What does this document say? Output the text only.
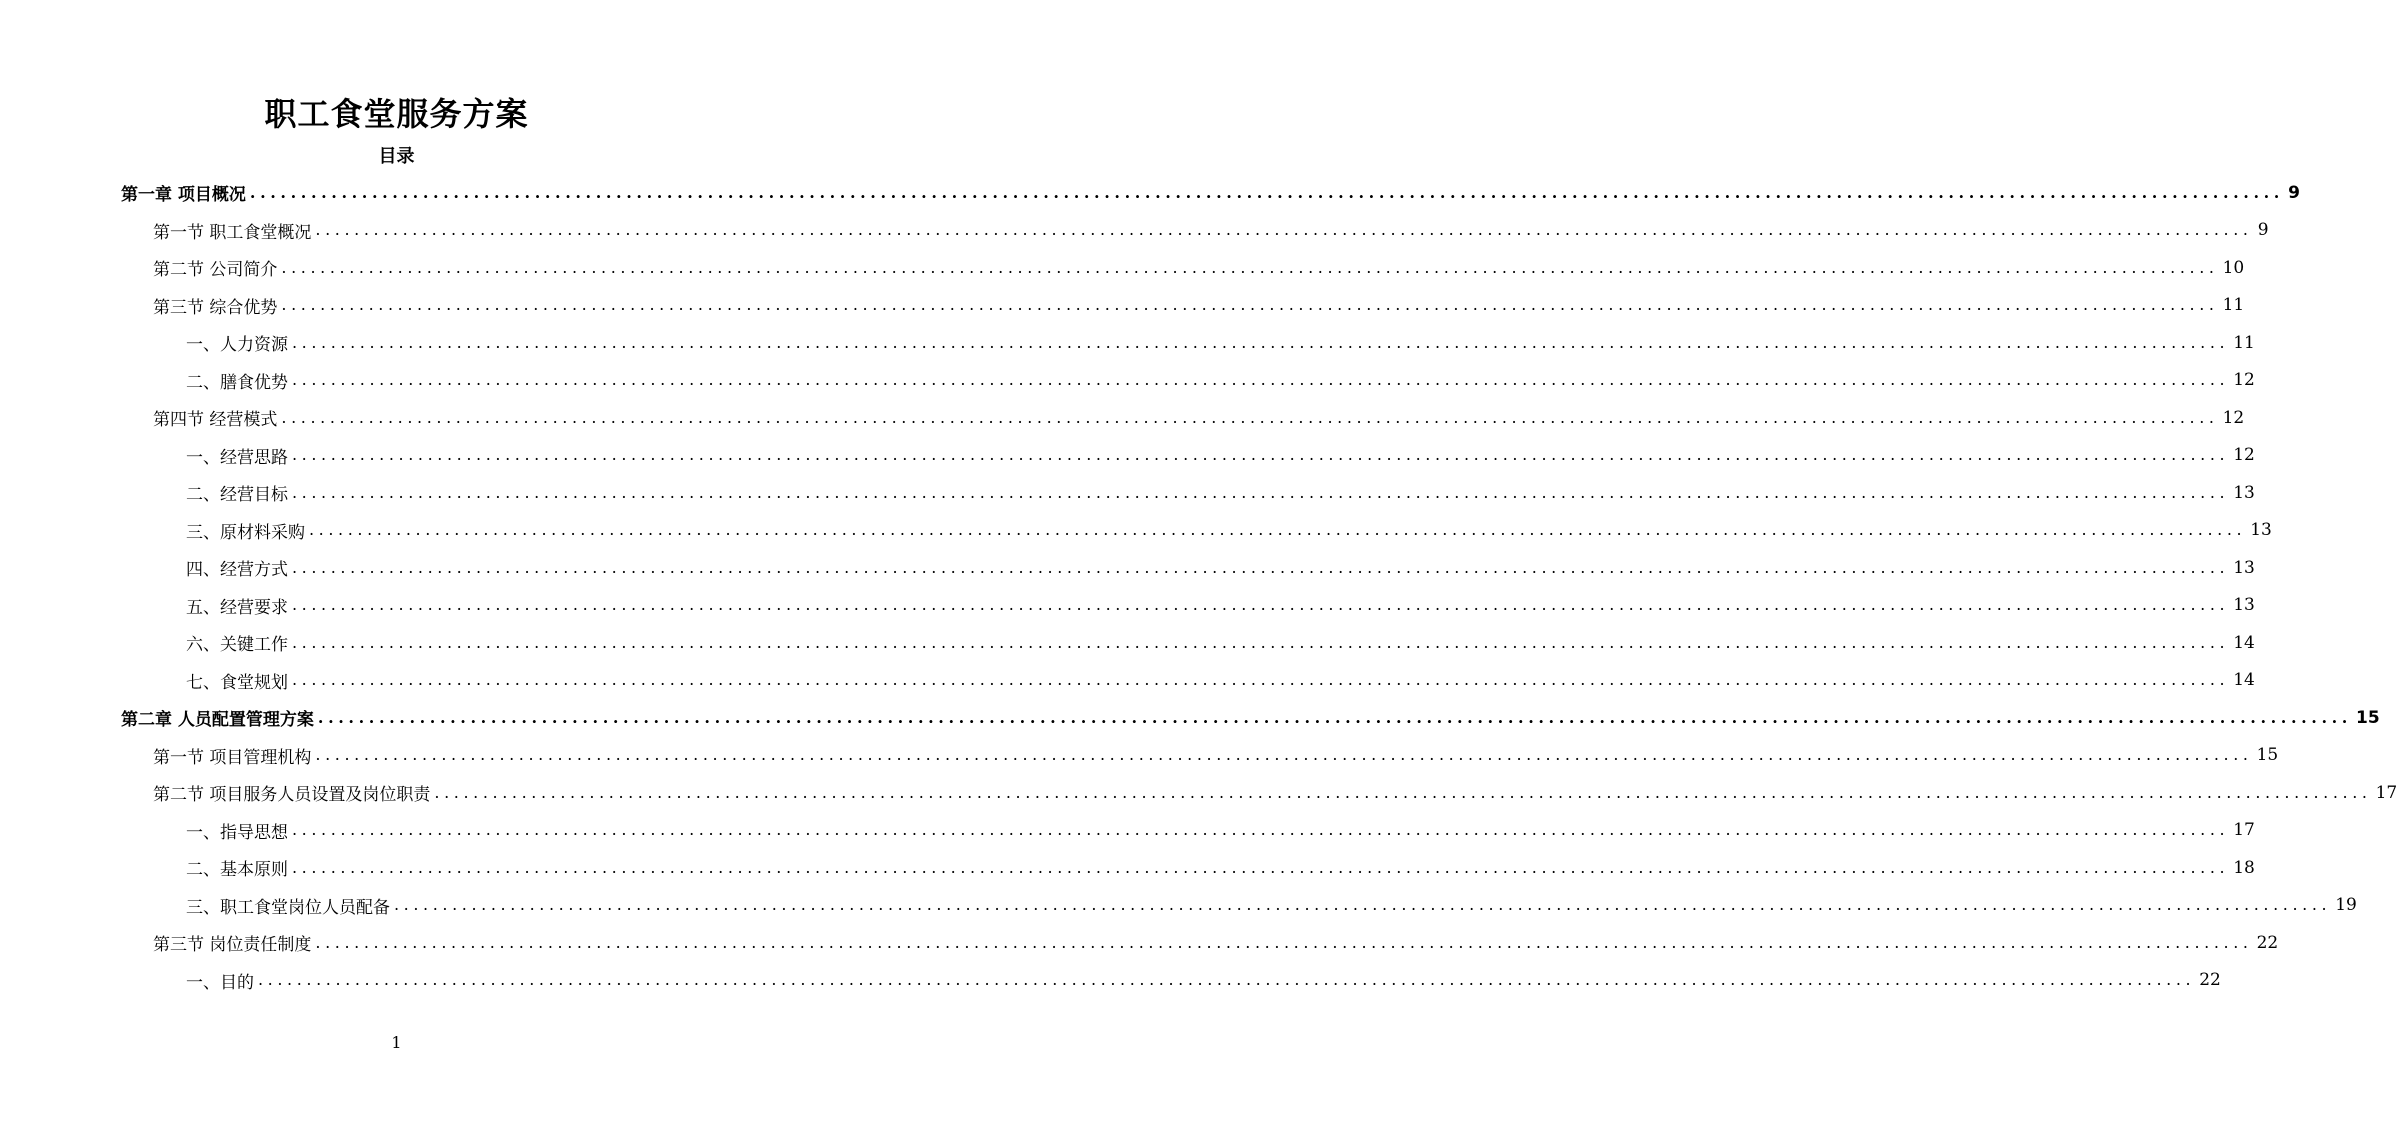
职工食堂服务方案
目录
第一章 项目概况 ........................................................................................................................................................................................................ 9
第一节 职工食堂概况 ........................................................................................................................................................................................................ 9
第二节 公司简介 ........................................................................................................................................................................................................ 10
第三节 综合优势 ........................................................................................................................................................................................................ 11
一、人力资源 ........................................................................................................................................................................................................ 11
二、膳食优势 ........................................................................................................................................................................................................ 12
第四节 经营模式 ........................................................................................................................................................................................................ 12
一、经营思路 ........................................................................................................................................................................................................ 12
二、经营目标 ........................................................................................................................................................................................................ 13
三、原材料采购 ........................................................................................................................................................................................................ 13
四、经营方式 ........................................................................................................................................................................................................ 13
五、经营要求 ........................................................................................................................................................................................................ 13
六、关键工作 ........................................................................................................................................................................................................ 14
七、食堂规划 ........................................................................................................................................................................................................ 14
第二章 人员配置管理方案 ........................................................................................................................................................................................................ 15
第一节 项目管理机构 ........................................................................................................................................................................................................ 15
第二节 项目服务人员设置及岗位职责 ........................................................................................................................................................................................................ 17
一、指导思想 ........................................................................................................................................................................................................ 17
二、基本原则 ........................................................................................................................................................................................................ 18
三、职工食堂岗位人员配备 ........................................................................................................................................................................................................ 19
第三节 岗位责任制度 ........................................................................................................................................................................................................ 22
一、目的 ........................................................................................................................................................................................................ 22
1
